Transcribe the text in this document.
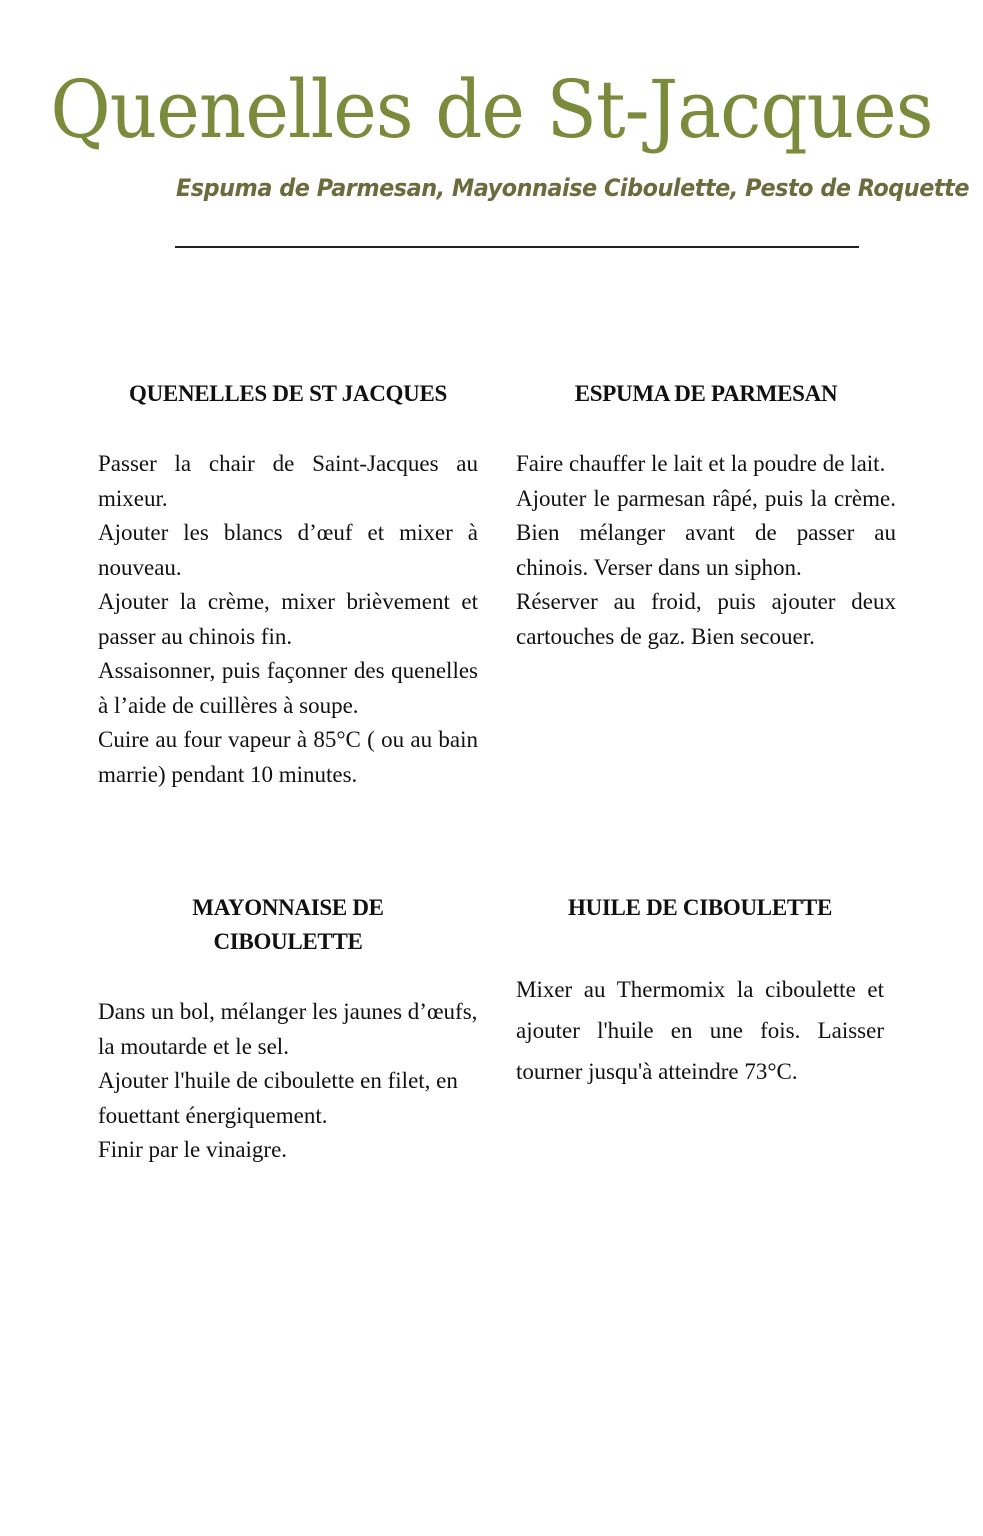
Quenelles de St-Jacques
Espuma de Parmesan, Mayonnaise Ciboulette, Pesto de Roquette
QUENELLES DE ST JACQUES

Passer la chair de Saint-Jacques au mixeur.

Ajouter les blancs d’œuf et mixer à nouveau.

Ajouter la crème, mixer brièvement et passer au chinois fin.

Assaisonner, puis façonner des quenelles à l’aide de cuillères à soupe.

Cuire au four vapeur à 85°C ( ou au bain marrie) pendant 10 minutes.

ESPUMA DE PARMESAN

Faire chauffer le lait et la poudre de lait.

Ajouter le parmesan râpé, puis la crème. Bien mélanger avant de passer au chinois. Verser dans un siphon.

Réserver au froid, puis ajouter deux cartouches de gaz. Bien secouer.

MAYONNAISE DE CIBOULETTE

Dans un bol, mélanger les jaunes d’œufs, la moutarde et le sel.

Ajouter l'huile de ciboulette en filet, en fouettant énergiquement.

Finir par le vinaigre.

HUILE DE CIBOULETTE

Mixer au Thermomix la ciboulette et ajouter l'huile en une fois. Laisser tourner jusqu'à atteindre 73°C.
